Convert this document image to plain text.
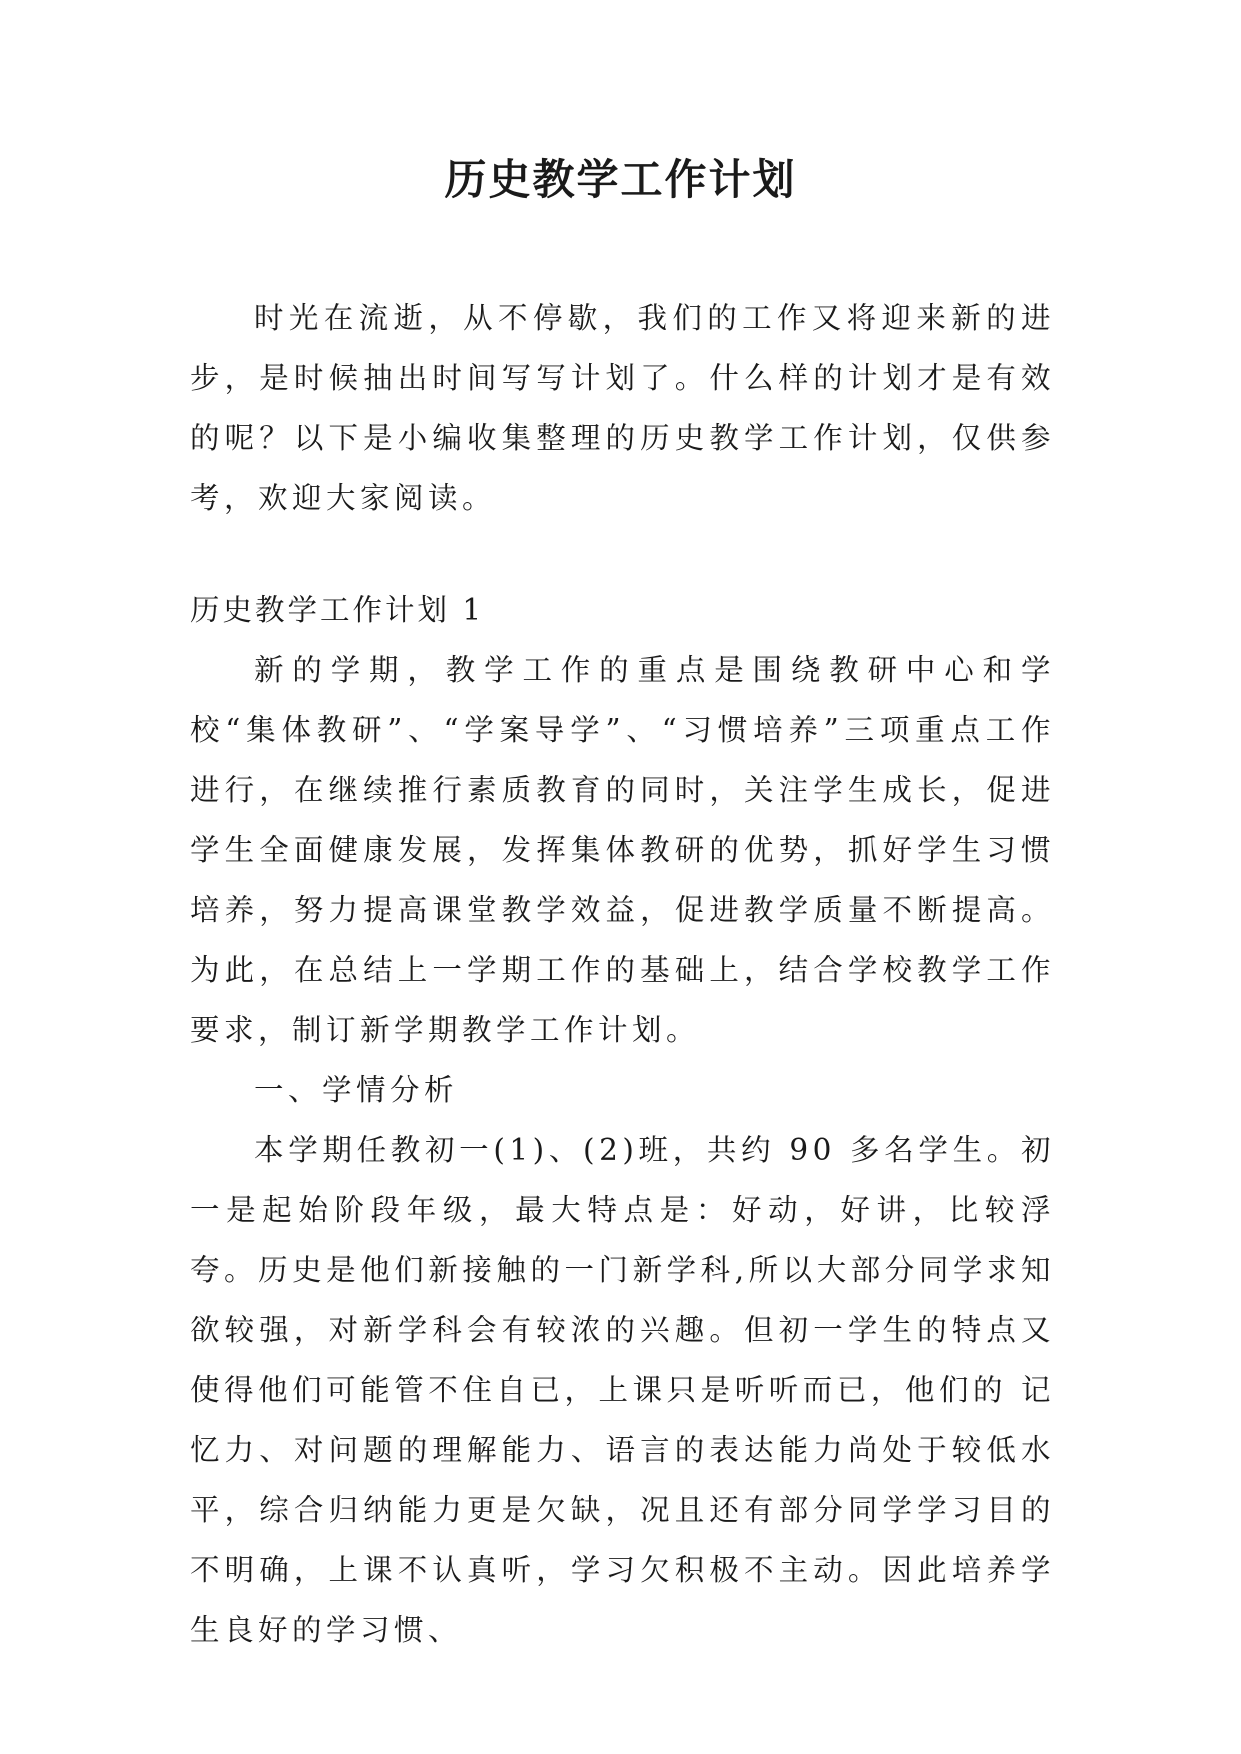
历史教学工作计划

时光在流逝，从不停歇，我们的工作又将迎来新的进步，是时候抽出时间写写计划了。什么样的计划才是有效的呢？以下是小编收集整理的历史教学工作计划，仅供参考，欢迎大家阅读。

历史教学工作计划 1

新的学期，教学工作的重点是围绕教研中心和学校“集体教研”、“学案导学”、“习惯培养”三项重点工作进行，在继续推行素质教育的同时，关注学生成长，促进 学生全面健康发展，发挥集体教研的优势，抓好学生习惯培养，努力提高课堂教学效益，促进教学质量不断提高。为此，在总结上一学期工作的基础上，结合学校教学工作要求，制订新学期教学工作计划。

一、学情分析

本学期任教初一(1)、(2)班，共约 90 多名学生。初一是起始阶段年级，最大特点是：好动，好讲，比较浮夸。历史是他们新接触的一门新学科,所以大部分同学求知欲较强，对新学科会有较浓的兴趣。但初一学生的特点又使得他们可能管不住自已，上课只是听听而已，他们的 记忆力、对问题的理解能力、语言的表达能力尚处于较低水平，综合归纳能力更是欠缺，况且还有部分同学学习目的不明确，上课不认真听，学习欠积极不主动。因此培养学生良好的学习惯、
